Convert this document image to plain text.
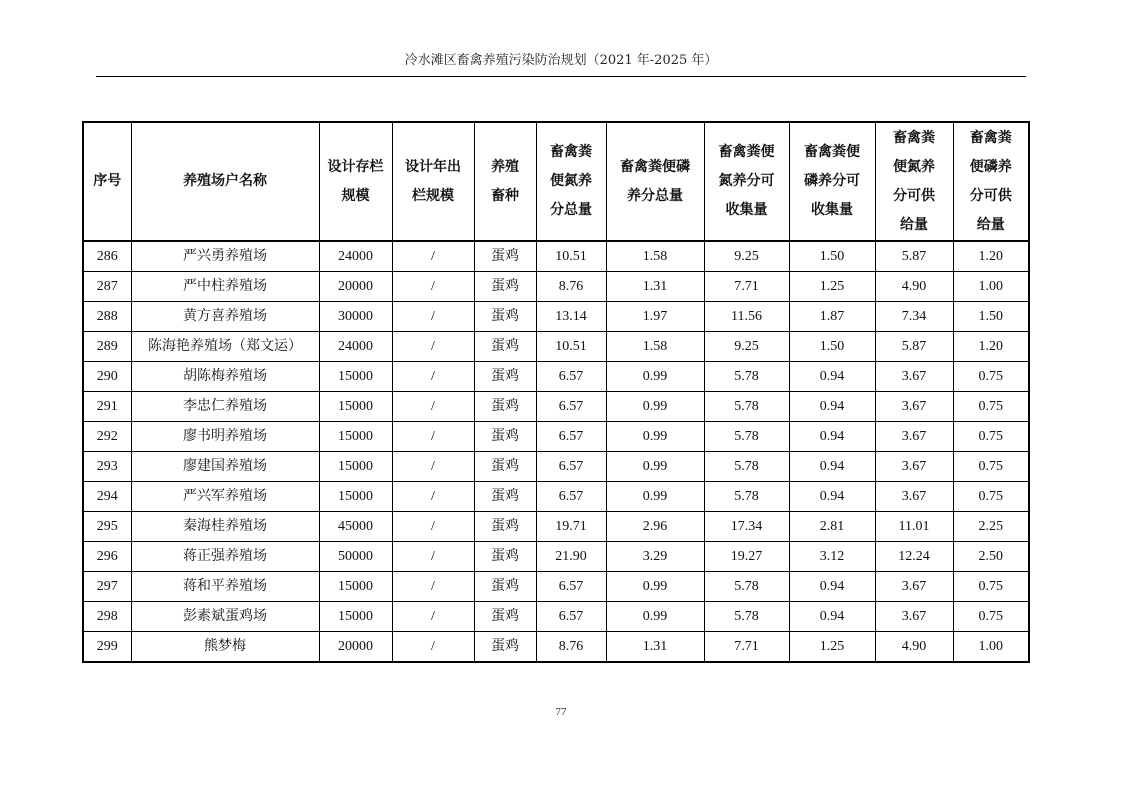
冷水滩区畜禽养殖污染防治规划（2021 年-2025 年）
序号	养殖场户名称	设计存栏规模	设计年出栏规模	养殖畜种	畜禽粪便氮养分总量	畜禽粪便磷养分总量	畜禽粪便氮养分可收集量	畜禽粪便磷养分可收集量	畜禽粪便氮养分可供给量	畜禽粪便磷养分可供给量

286	严兴勇养殖场	24000	/	蛋鸡	10.51	1.58	9.25	1.50	5.87	1.20
287	严中柱养殖场	20000	/	蛋鸡	8.76	1.31	7.71	1.25	4.90	1.00
288	黄方喜养殖场	30000	/	蛋鸡	13.14	1.97	11.56	1.87	7.34	1.50
289	陈海艳养殖场（郑文运）	24000	/	蛋鸡	10.51	1.58	9.25	1.50	5.87	1.20
290	胡陈梅养殖场	15000	/	蛋鸡	6.57	0.99	5.78	0.94	3.67	0.75
291	李忠仁养殖场	15000	/	蛋鸡	6.57	0.99	5.78	0.94	3.67	0.75
292	廖书明养殖场	15000	/	蛋鸡	6.57	0.99	5.78	0.94	3.67	0.75
293	廖建国养殖场	15000	/	蛋鸡	6.57	0.99	5.78	0.94	3.67	0.75
294	严兴军养殖场	15000	/	蛋鸡	6.57	0.99	5.78	0.94	3.67	0.75
295	秦海桂养殖场	45000	/	蛋鸡	19.71	2.96	17.34	2.81	11.01	2.25
296	蒋正强养殖场	50000	/	蛋鸡	21.90	3.29	19.27	3.12	12.24	2.50
297	蒋和平养殖场	15000	/	蛋鸡	6.57	0.99	5.78	0.94	3.67	0.75
298	彭素斌蛋鸡场	15000	/	蛋鸡	6.57	0.99	5.78	0.94	3.67	0.75
299	熊梦梅	20000	/	蛋鸡	8.76	1.31	7.71	1.25	4.90	1.00
77
